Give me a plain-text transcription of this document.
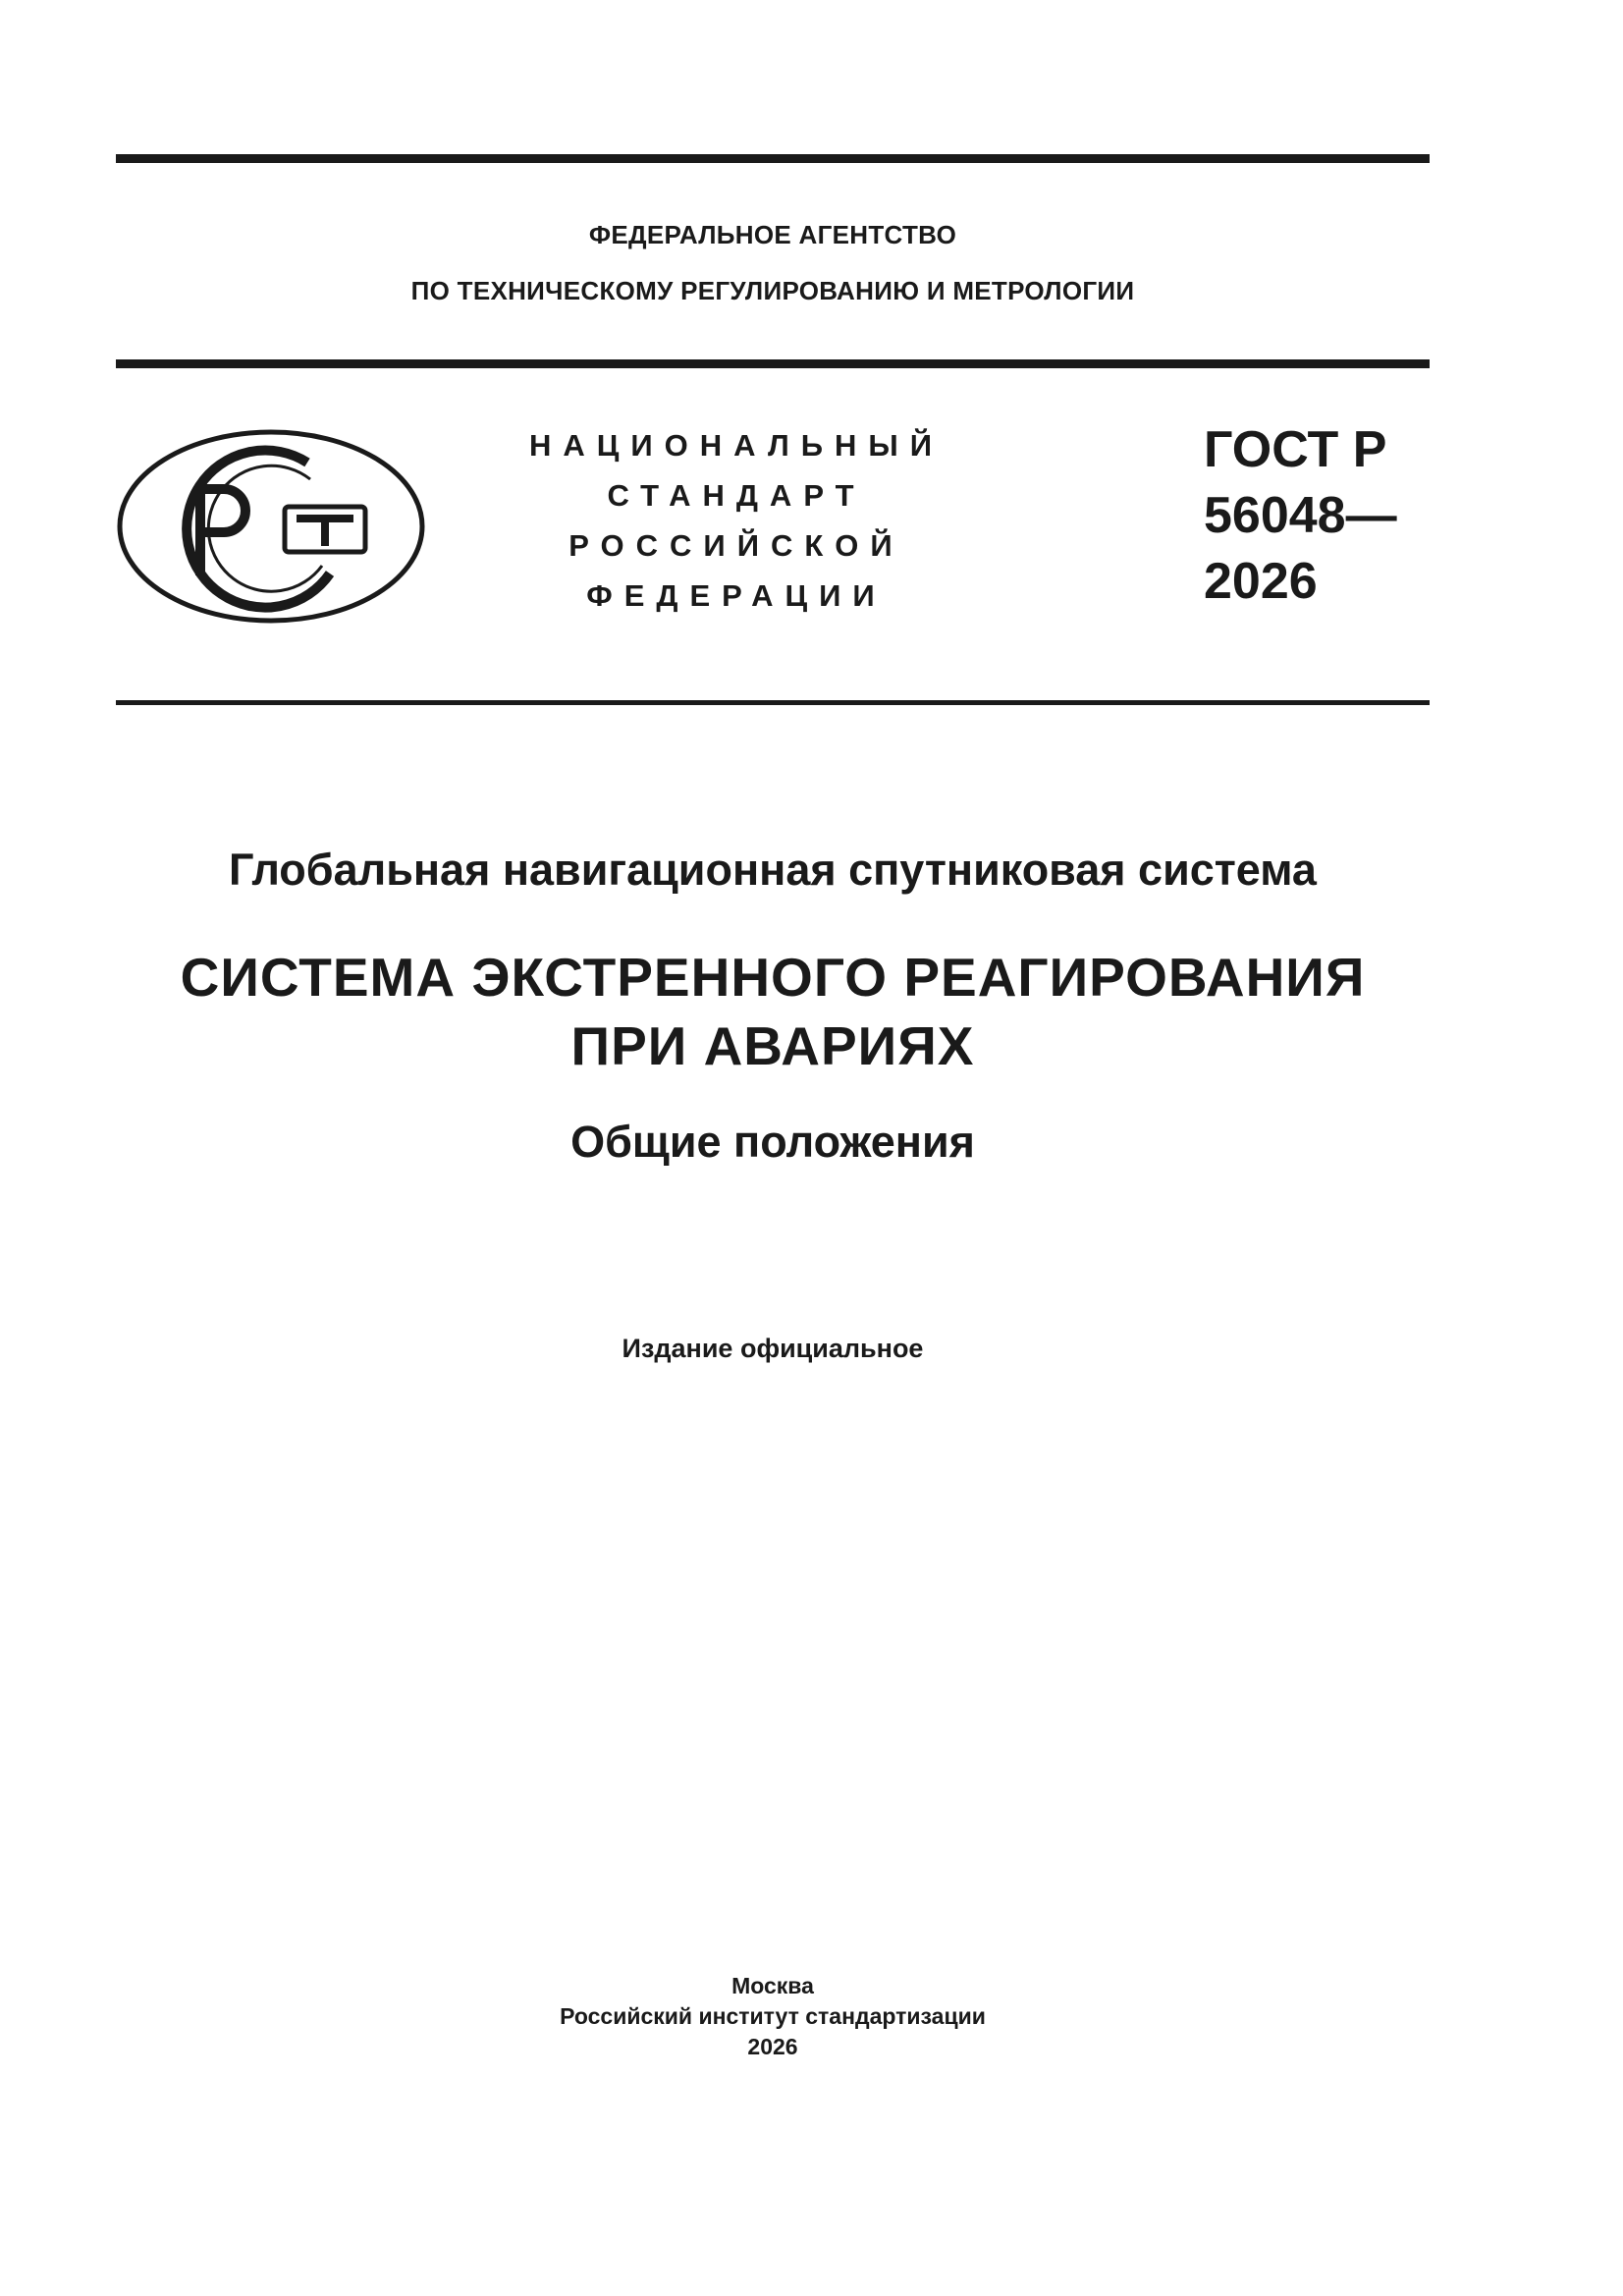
ФЕДЕРАЛЬНОЕ АГЕНТСТВО
ПО ТЕХНИЧЕСКОМУ РЕГУЛИРОВАНИЮ И МЕТРОЛОГИИ
НАЦИОНАЛЬНЫЙ
СТАНДАРТ
РОССИЙСКОЙ
ФЕДЕРАЦИИ
ГОСТ Р
56048—
2026
Глобальная навигационная спутниковая система
СИСТЕМА ЭКСТРЕННОГО РЕАГИРОВАНИЯ
ПРИ АВАРИЯХ
Общие положения
Издание официальное
Москва
Российский институт стандартизации
2026
